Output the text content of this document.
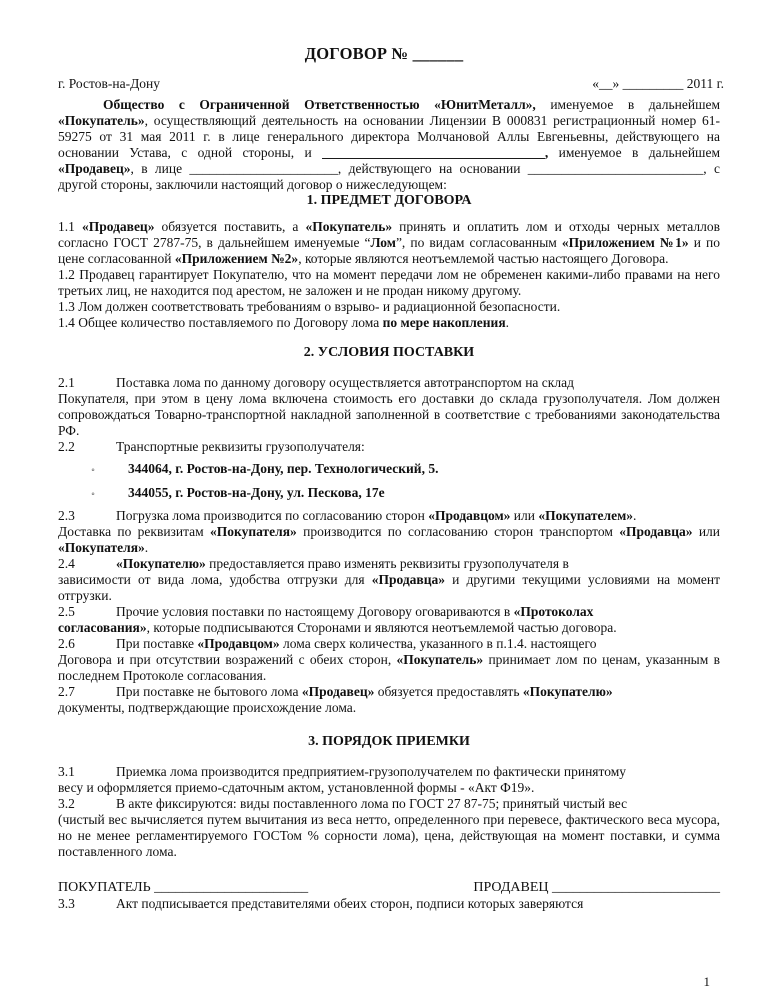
ДОГОВОР № ______
г. Ростов-на-Дону	«__» _________ 2011 г.

Общество с Ограниченной Ответственностью «ЮнитМеталл», именуемое в дальнейшем «Покупатель», осуществляющий деятельность на основании Лицензии В 000831 регистрационный номер 61-59275 от 31 мая 2011 г. в лице генерального директора Молчановой Аллы Евгеньевны, действующего на основании Устава, с одной стороны, и _________________________________, именуемое в дальнейшем «Продавец», в лице ______________________, действующего на основании __________________________, с другой стороны, заключили настоящий договор о нижеследующем:

1. ПРЕДМЕТ ДОГОВОРА

1.1 «Продавец» обязуется поставить, а «Покупатель» принять и оплатить лом и отходы черных металлов согласно ГОСТ 2787-75, в дальнейшем именуемые “Лом”, по видам согласованным «Приложением №1» и по цене согласованной «Приложением №2», которые являются неотъемлемой частью настоящего Договора.

1.2 Продавец гарантирует Покупателю, что на момент передачи лом не обременен какими-либо правами на него третьих лиц, не находится под арестом, не заложен и не продан никому другому.

1.3 Лом должен соответствовать требованиям о взрыво- и радиационной безопасности.

1.4 Общее количество поставляемого по Договору лома по мере накопления.

2. УСЛОВИЯ ПОСТАВКИ
2.1	Поставка лома по данному договору осуществляется автотранспортом на склад

Покупателя, при этом в цену лома включена стоимость его доставки до склада грузополучателя. Лом должен сопровождаться Товарно-транспортной накладной заполненной в соответствие с требованиями законодательства РФ.

2.2	Транспортные реквизиты грузополучателя:
◦	344064, г. Ростов-на-Дону, пер. Технологический, 5.
◦	344055, г. Ростов-на-Дону, ул. Пескова, 17е
2.3	Погрузка лома производится по согласованию сторон «Продавцом» или «Покупателем».

Доставка по реквизитам «Покупателя» производится по согласованию сторон транспортом «Продавца» или «Покупателя».

2.4	«Покупателю» предоставляется право изменять реквизиты грузополучателя в

зависимости от вида лома, удобства отгрузки для «Продавца» и другими текущими условиями на момент отгрузки.

2.5	Прочие условия поставки по настоящему Договору оговариваются в «Протоколах

согласования», которые подписываются Сторонами и являются неотъемлемой частью договора.

2.6	При поставке «Продавцом» лома сверх количества, указанного в п.1.4. настоящего

Договора и при отсутствии возражений с обеих сторон, «Покупатель» принимает лом по ценам, указанным в последнем Протоколе согласования.

2.7	При поставке не бытового лома «Продавец» обязуется предоставлять «Покупателю»

документы, подтверждающие происхождение лома.

3. ПОРЯДОК ПРИЕМКИ
3.1	Приемка лома производится предприятием-грузополучателем по фактически принятому

весу и оформляется приемо-сдаточным актом, установленной формы - «Акт Ф19».

3.2	В акте фиксируются: виды поставленного лома по ГОСТ 27 87-75; принятый чистый вес

(чистый вес вычисляется путем вычитания из веса нетто, определенного при перевесе, фактического веса мусора, но не менее регламентируемого ГОСТом % сорности лома), цена, действующая на момент поставки, и сумма поставленного лома.

ПОКУПАТЕЛЬ ______________________	ПРОДАВЕЦ ________________________
3.3	Акт подписывается представителями обеих сторон, подписи которых заверяются
1
